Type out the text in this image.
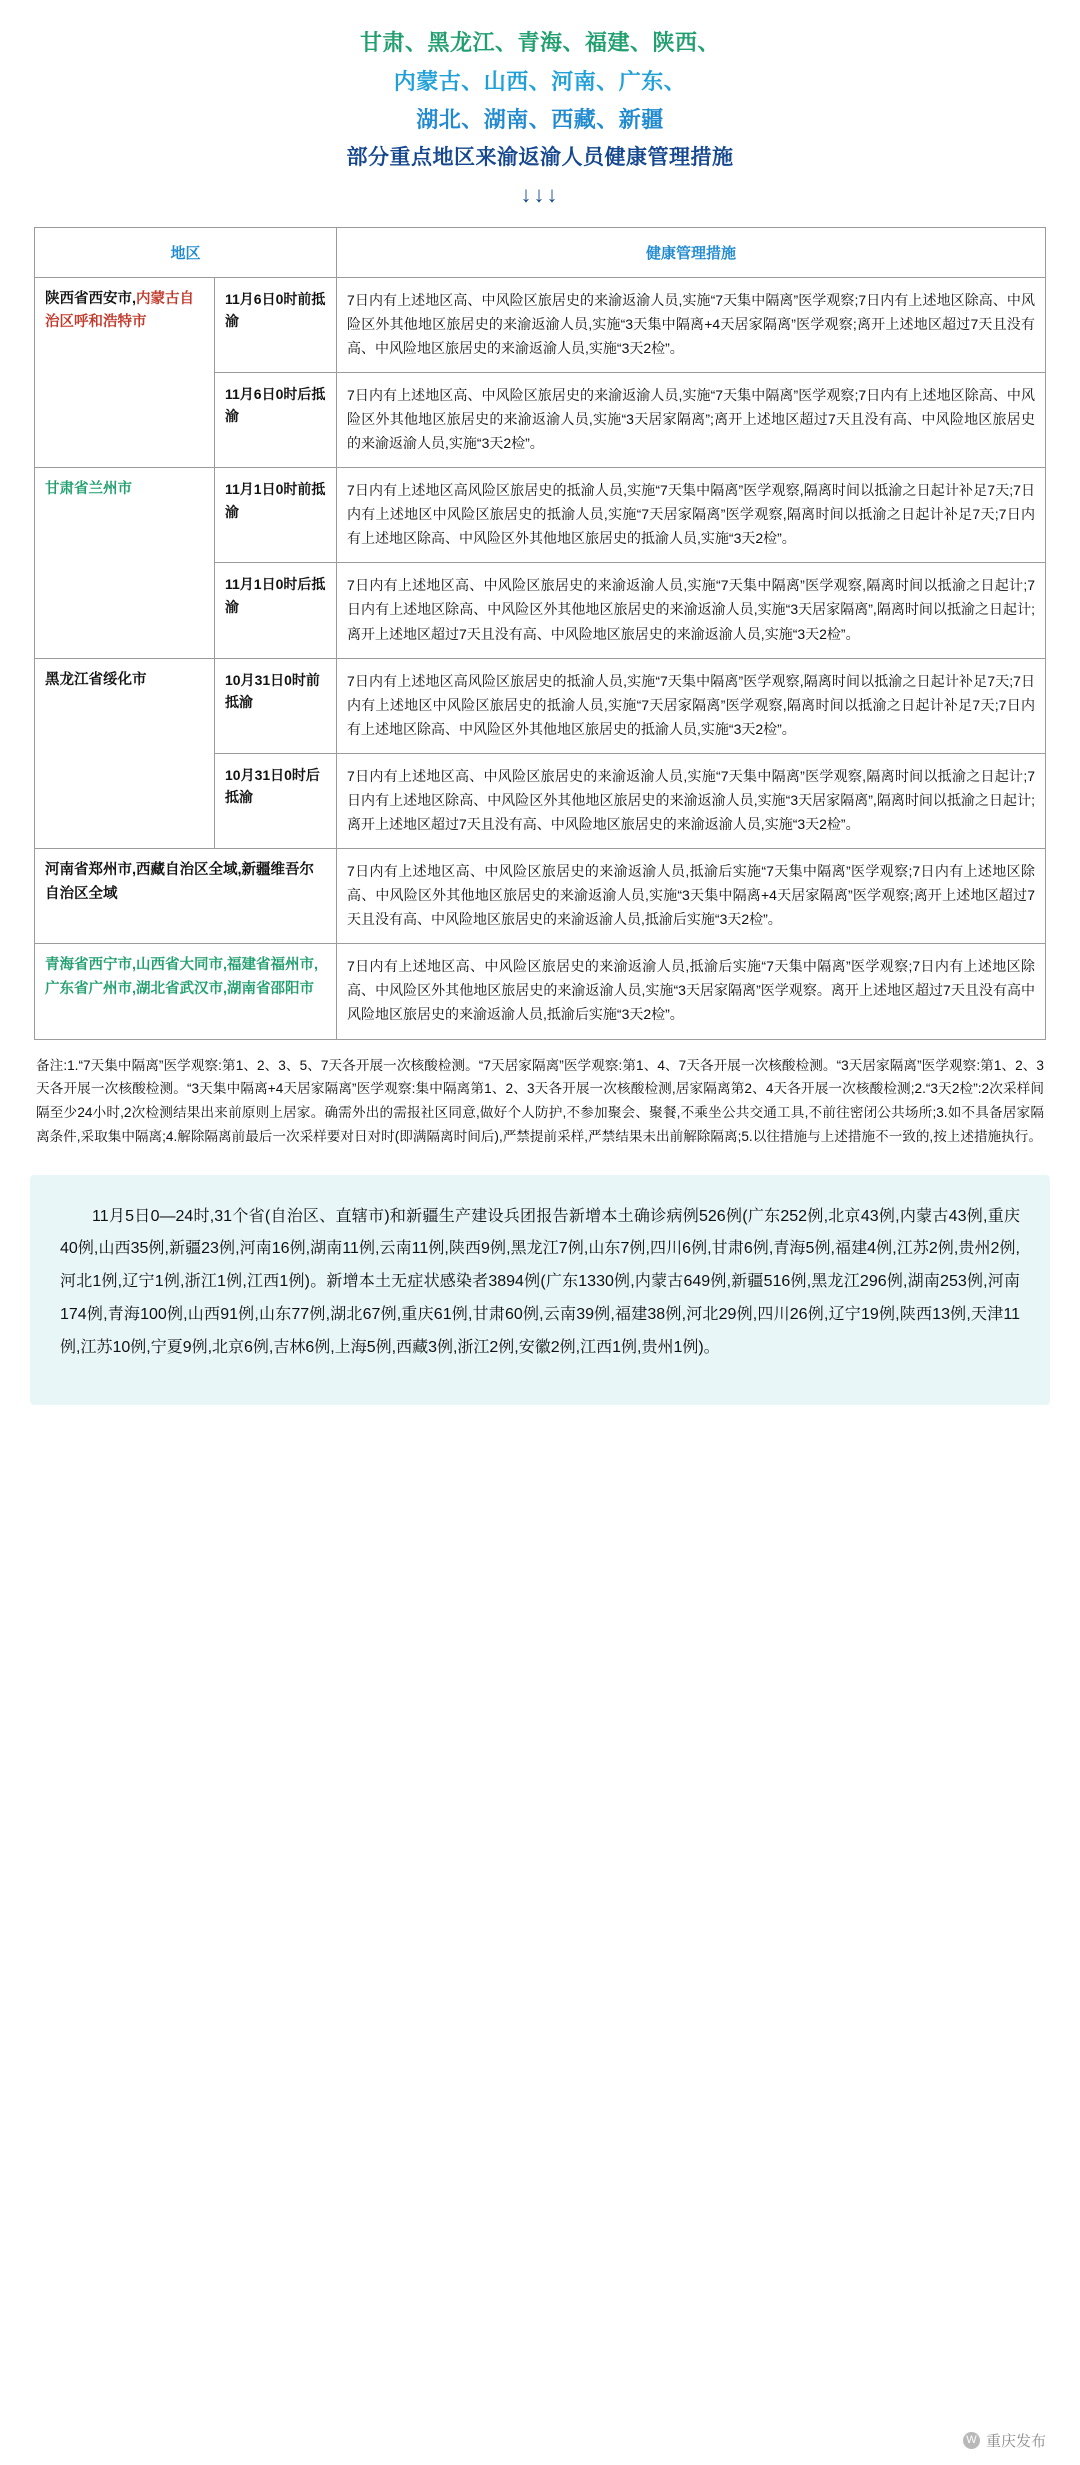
甘肃、黑龙江、青海、福建、陕西、
内蒙古、山西、河南、广东、
湖北、湖南、西藏、新疆
部分重点地区来渝返渝人员健康管理措施
↓↓↓
地区		健康管理措施
陕西省西安市,内蒙古自治区呼和浩特市	11月6日0时前抵渝	7日内有上述地区高、中风险区旅居史的来渝返渝人员,实施“7天集中隔离”医学观察;7日内有上述地区除高、中风险区外其他地区旅居史的来渝返渝人员,实施“3天集中隔离+4天居家隔离”医学观察;离开上述地区超过7天且没有高、中风险地区旅居史的来渝返渝人员,实施“3天2检”。
	11月6日0时后抵渝	7日内有上述地区高、中风险区旅居史的来渝返渝人员,实施“7天集中隔离”医学观察;7日内有上述地区除高、中风险区外其他地区旅居史的来渝返渝人员,实施“3天居家隔离”;离开上述地区超过7天且没有高、中风险地区旅居史的来渝返渝人员,实施“3天2检”。
甘肃省兰州市	11月1日0时前抵渝	7日内有上述地区高风险区旅居史的抵渝人员,实施“7天集中隔离”医学观察,隔离时间以抵渝之日起计补足7天;7日内有上述地区中风险区旅居史的抵渝人员,实施“7天居家隔离”医学观察,隔离时间以抵渝之日起计补足7天;7日内有上述地区除高、中风险区外其他地区旅居史的抵渝人员,实施“3天2检”。
	11月1日0时后抵渝	7日内有上述地区高、中风险区旅居史的来渝返渝人员,实施“7天集中隔离”医学观察,隔离时间以抵渝之日起计;7日内有上述地区除高、中风险区外其他地区旅居史的来渝返渝人员,实施“3天居家隔离”,隔离时间以抵渝之日起计;离开上述地区超过7天且没有高、中风险地区旅居史的来渝返渝人员,实施“3天2检”。
黑龙江省绥化市	10月31日0时前抵渝	7日内有上述地区高风险区旅居史的抵渝人员,实施“7天集中隔离”医学观察,隔离时间以抵渝之日起计补足7天;7日内有上述地区中风险区旅居史的抵渝人员,实施“7天居家隔离”医学观察,隔离时间以抵渝之日起计补足7天;7日内有上述地区除高、中风险区外其他地区旅居史的抵渝人员,实施“3天2检”。
	10月31日0时后抵渝	7日内有上述地区高、中风险区旅居史的来渝返渝人员,实施“7天集中隔离”医学观察,隔离时间以抵渝之日起计;7日内有上述地区除高、中风险区外其他地区旅居史的来渝返渝人员,实施“3天居家隔离”,隔离时间以抵渝之日起计;离开上述地区超过7天且没有高、中风险地区旅居史的来渝返渝人员,实施“3天2检”。
河南省郑州市,西藏自治区全域,新疆维吾尔自治区全域		7日内有上述地区高、中风险区旅居史的来渝返渝人员,抵渝后实施“7天集中隔离”医学观察;7日内有上述地区除高、中风险区外其他地区旅居史的来渝返渝人员,实施“3天集中隔离+4天居家隔离”医学观察;离开上述地区超过7天且没有高、中风险地区旅居史的来渝返渝人员,抵渝后实施“3天2检”。
青海省西宁市,山西省大同市,福建省福州市,广东省广州市,湖北省武汉市,湖南省邵阳市		7日内有上述地区高、中风险区旅居史的来渝返渝人员,抵渝后实施“7天集中隔离”医学观察;7日内有上述地区除高、中风险区外其他地区旅居史的来渝返渝人员,实施“3天居家隔离”医学观察。离开上述地区超过7天且没有高中风险地区旅居史的来渝返渝人员,抵渝后实施“3天2检”。
备注:1.“7天集中隔离”医学观察:第1、2、3、5、7天各开展一次核酸检测。“7天居家隔离”医学观察:第1、4、7天各开展一次核酸检测。“3天居家隔离”医学观察:第1、2、3天各开展一次核酸检测。“3天集中隔离+4天居家隔离”医学观察:集中隔离第1、2、3天各开展一次核酸检测,居家隔离第2、4天各开展一次核酸检测;2.“3天2检”:2次采样间隔至少24小时,2次检测结果出来前原则上居家。确需外出的需报社区同意,做好个人防护,不参加聚会、聚餐,不乘坐公共交通工具,不前往密闭公共场所;3.如不具备居家隔离条件,采取集中隔离;4.解除隔离前最后一次采样要对日对时(即满隔离时间后),严禁提前采样,严禁结果未出前解除隔离;5.以往措施与上述措施不一致的,按上述措施执行。
11月5日0—24时,31个省(自治区、直辖市)和新疆生产建设兵团报告新增本土确诊病例526例(广东252例,北京43例,内蒙古43例,重庆40例,山西35例,新疆23例,河南16例,湖南11例,云南11例,陕西9例,黑龙江7例,山东7例,四川6例,甘肃6例,青海5例,福建4例,江苏2例,贵州2例,河北1例,辽宁1例,浙江1例,江西1例)。新增本土无症状感染者3894例(广东1330例,内蒙古649例,新疆516例,黑龙江296例,湖南253例,河南174例,青海100例,山西91例,山东77例,湖北67例,重庆61例,甘肃60例,云南39例,福建38例,河北29例,四川26例,辽宁19例,陕西13例,天津11例,江苏10例,宁夏9例,北京6例,吉林6例,上海5例,西藏3例,浙江2例,安徽2例,江西1例,贵州1例)。
W 重庆发布
